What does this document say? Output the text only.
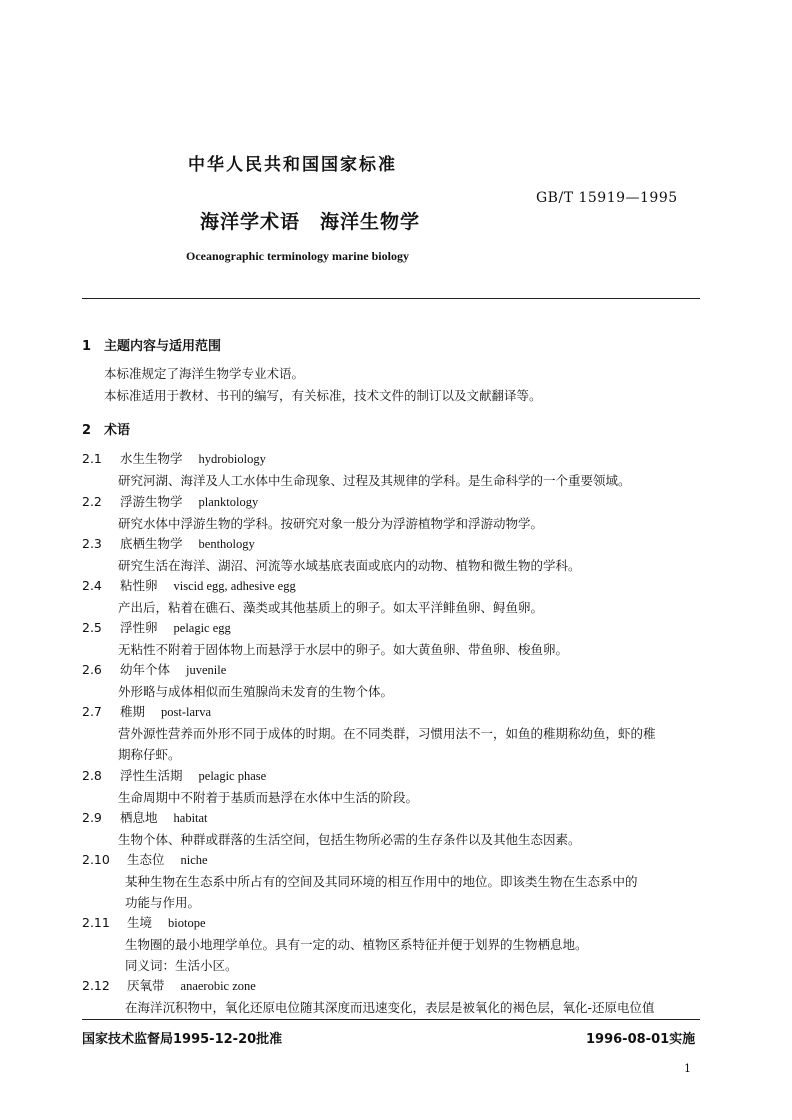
中华人民共和国国家标准
GB/T 15919—1995
海洋学术语　海洋生物学
Oceanographic terminology marine biology
1 主题内容与适用范围
本标准规定了海洋生物学专业术语。
本标准适用于教材、书刊的编写，有关标准，技术文件的制订以及文献翻译等。
2 术语
2.1 水生生物学 hydrobiology
研究河湖、海洋及人工水体中生命现象、过程及其规律的学科。是生命科学的一个重要领域。
2.2 浮游生物学 planktology
研究水体中浮游生物的学科。按研究对象一般分为浮游植物学和浮游动物学。
2.3 底栖生物学 benthology
研究生活在海洋、湖沼、河流等水域基底表面或底内的动物、植物和微生物的学科。
2.4 粘性卵 viscid egg, adhesive egg
产出后，粘着在礁石、藻类或其他基质上的卵子。如太平洋鲱鱼卵、鲟鱼卵。
2.5 浮性卵 pelagic egg
无粘性不附着于固体物上而悬浮于水层中的卵子。如大黄鱼卵、带鱼卵、梭鱼卵。
2.6 幼年个体 juvenile
外形略与成体相似而生殖腺尚未发育的生物个体。
2.7 稚期 post-larva
营外源性营养而外形不同于成体的时期。在不同类群，习惯用法不一，如鱼的稚期称幼鱼，虾的稚
期称仔虾。
2.8 浮性生活期 pelagic phase
生命周期中不附着于基质而悬浮在水体中生活的阶段。
2.9 栖息地 habitat
生物个体、种群或群落的生活空间，包括生物所必需的生存条件以及其他生态因素。
2.10 生态位 niche
某种生物在生态系中所占有的空间及其同环境的相互作用中的地位。即该类生物在生态系中的
功能与作用。
2.11 生境 biotope
生物圈的最小地理学单位。具有一定的动、植物区系特征并便于划界的生物栖息地。
同义词：生活小区。
2.12 厌氧带 anaerobic zone
在海洋沉积物中，氧化还原电位随其深度而迅速变化，表层是被氧化的褐色层，氧化-还原电位值
国家技术监督局1995-12-20批准	1996-08-01实施
1
